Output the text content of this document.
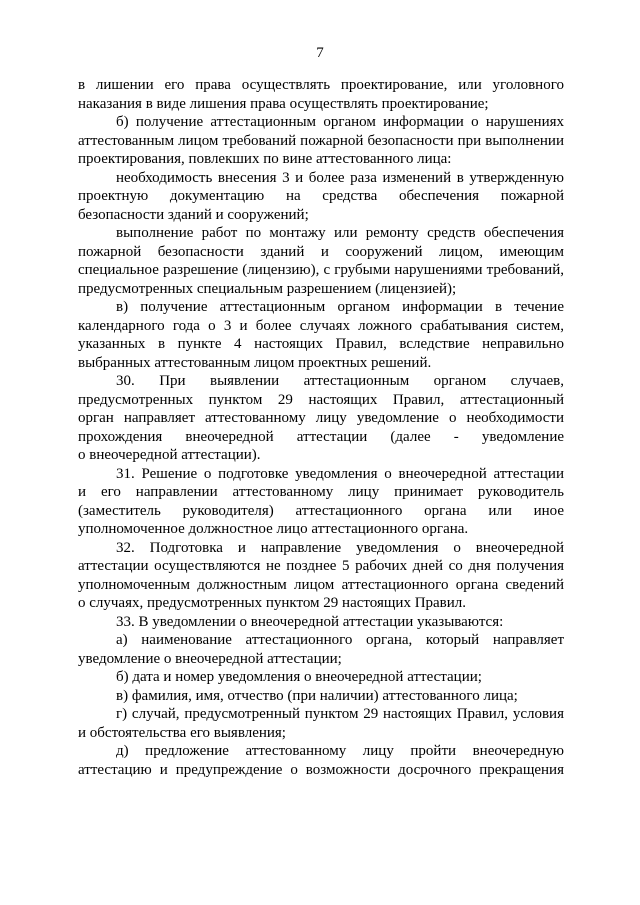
7
в лишении его права осуществлять проектирование, или уголовного
наказания в виде лишения права осуществлять проектирование;
б) получение аттестационным органом информации о нарушениях
аттестованным лицом требований пожарной безопасности при выполнении
проектирования, повлекших по вине аттестованного лица:
необходимость внесения 3 и более раза изменений в утвержденную
проектную документацию на средства обеспечения пожарной
безопасности зданий и сооружений;
выполнение работ по монтажу или ремонту средств обеспечения
пожарной безопасности зданий и сооружений лицом, имеющим
специальное разрешение (лицензию), с грубыми нарушениями требований,
предусмотренных специальным разрешением (лицензией);
в) получение аттестационным органом информации в течение
календарного года о 3 и более случаях ложного срабатывания систем,
указанных в пункте 4 настоящих Правил, вследствие неправильно
выбранных аттестованным лицом проектных решений.
30. При выявлении аттестационным органом случаев,
предусмотренных пунктом 29 настоящих Правил, аттестационный
орган направляет аттестованному лицу уведомление о необходимости
прохождения внеочередной аттестации (далее - уведомление
о внеочередной аттестации).
31. Решение о подготовке уведомления о внеочередной аттестации
и его направлении аттестованному лицу принимает руководитель
(заместитель руководителя) аттестационного органа или иное
уполномоченное должностное лицо аттестационного органа.
32. Подготовка и направление уведомления о внеочередной
аттестации осуществляются не позднее 5 рабочих дней со дня получения
уполномоченным должностным лицом аттестационного органа сведений
о случаях, предусмотренных пунктом 29 настоящих Правил.
33. В уведомлении о внеочередной аттестации указываются:
а) наименование аттестационного органа, который направляет
уведомление о внеочередной аттестации;
б) дата и номер уведомления о внеочередной аттестации;
в) фамилия, имя, отчество (при наличии) аттестованного лица;
г) случай, предусмотренный пунктом 29 настоящих Правил, условия
и обстоятельства его выявления;
д) предложение аттестованному лицу пройти внеочередную
аттестацию и предупреждение о возможности досрочного прекращения
